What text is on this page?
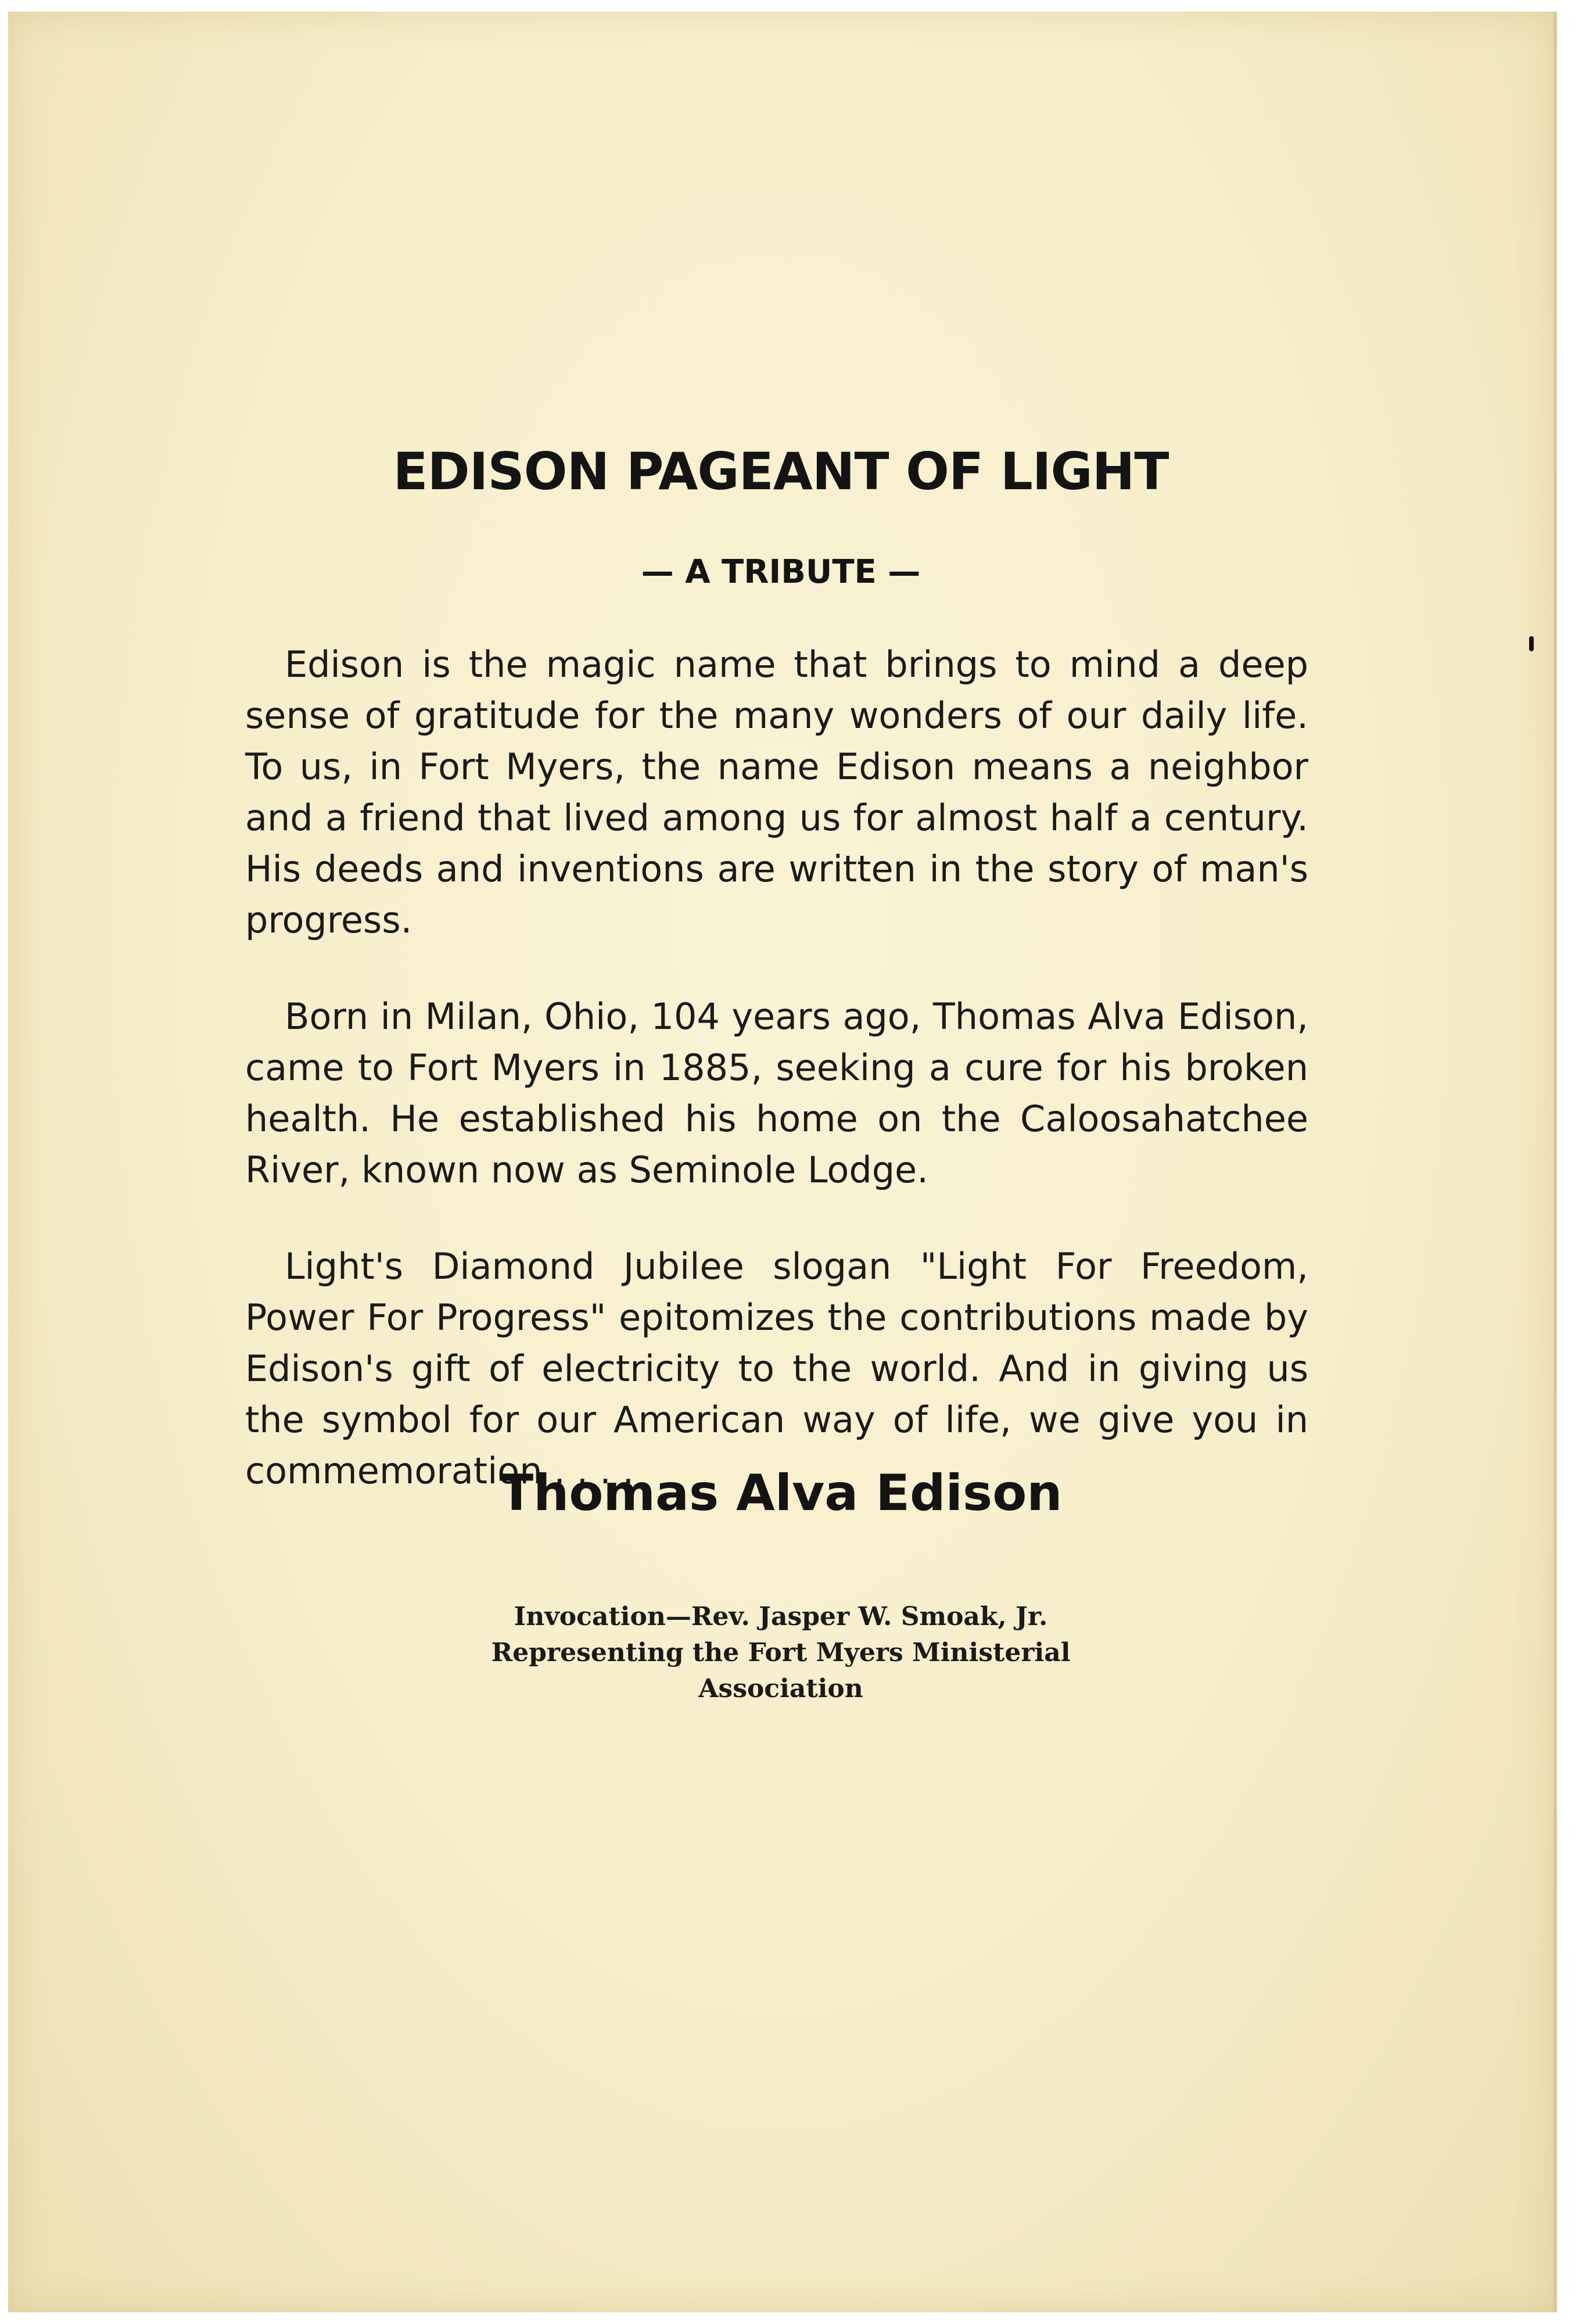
EDISON PAGEANT OF LIGHT
— A TRIBUTE —

Edison is the magic name that brings to mind a deep sense of gratitude for the many wonders of our daily life. To us, in Fort Myers, the name Edison means a neighbor and a friend that lived among us for almost half a century. His deeds and inventions are written in the story of man's progress.

Born in Milan, Ohio, 104 years ago, Thomas Alva Edison, came to Fort Myers in 1885, seeking a cure for his broken health. He established his home on the Caloosahatchee River, known now as Seminole Lodge.

Light's Diamond Jubilee slogan "Light For Freedom, Power For Progress" epitomizes the contributions made by Edison's gift of electricity to the world. And in giving us the symbol for our American way of life, we give you in commemoration . . . .

Thomas Alva Edison
Invocation—Rev. Jasper W. Smoak, Jr.
Representing the Fort Myers Ministerial
Association
